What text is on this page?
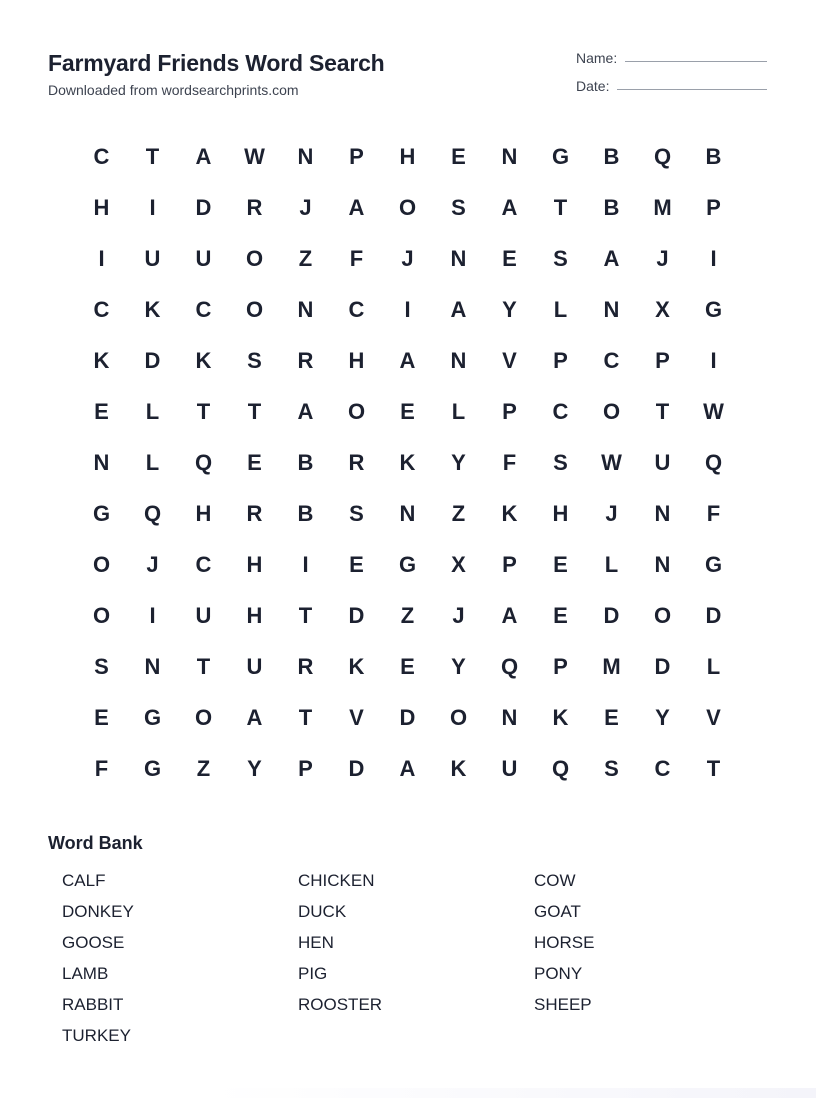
Farmyard Friends Word Search
Downloaded from wordsearchprints.com
Name:
Date:
C	T	A	W	N	P	H	E	N	G	B	Q	B
H	I	D	R	J	A	O	S	A	T	B	M	P
I	U	U	O	Z	F	J	N	E	S	A	J	I
C	K	C	O	N	C	I	A	Y	L	N	X	G
K	D	K	S	R	H	A	N	V	P	C	P	I
E	L	T	T	A	O	E	L	P	C	O	T	W
N	L	Q	E	B	R	K	Y	F	S	W	U	Q
G	Q	H	R	B	S	N	Z	K	H	J	N	F
O	J	C	H	I	E	G	X	P	E	L	N	G
O	I	U	H	T	D	Z	J	A	E	D	O	D
S	N	T	U	R	K	E	Y	Q	P	M	D	L
E	G	O	A	T	V	D	O	N	K	E	Y	V
F	G	Z	Y	P	D	A	K	U	Q	S	C	T
Word Bank
CALF	CHICKEN	COW
DONKEY	DUCK	GOAT
GOOSE	HEN	HORSE
LAMB	PIG	PONY
RABBIT	ROOSTER	SHEEP
TURKEY
